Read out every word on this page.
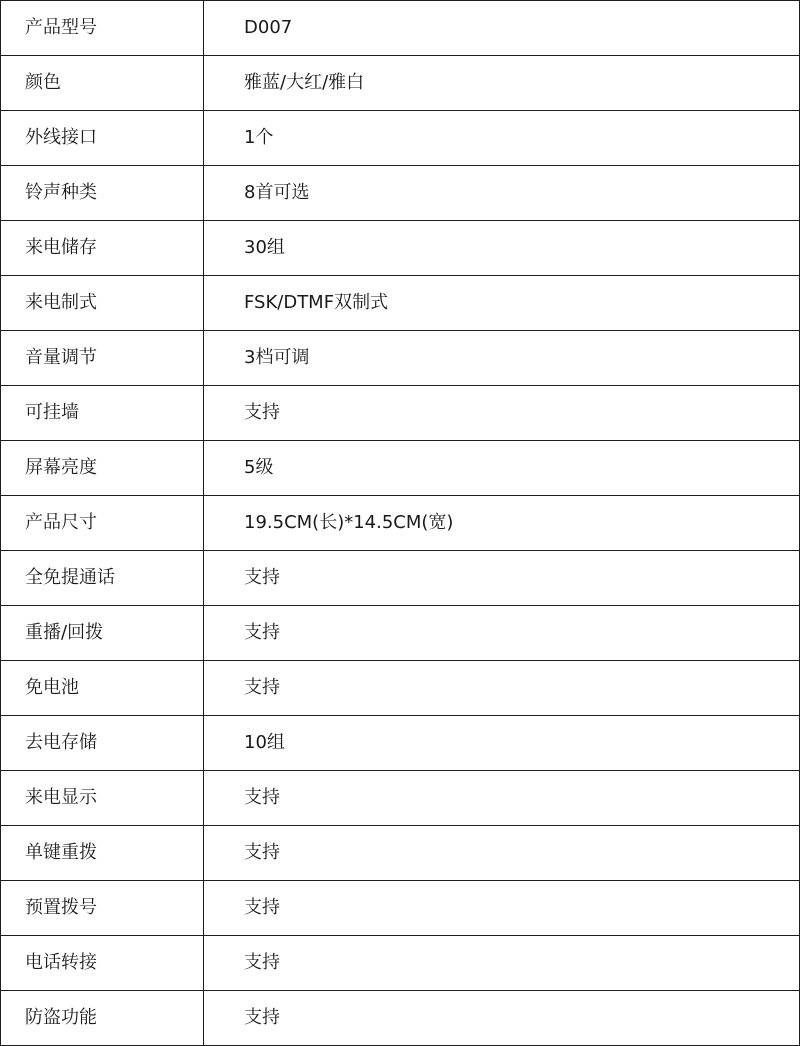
产品型号	D007
颜色	雅蓝/大红/雅白
外线接口	1个
铃声种类	8首可选
来电储存	30组
来电制式	FSK/DTMF双制式
音量调节	3档可调
可挂墙	支持
屏幕亮度	5级
产品尺寸	19.5CM(长)*14.5CM(宽)
全免提通话	支持
重播/回拨	支持
免电池	支持
去电存储	10组
来电显示	支持
单键重拨	支持
预置拨号	支持
电话转接	支持
防盗功能	支持
